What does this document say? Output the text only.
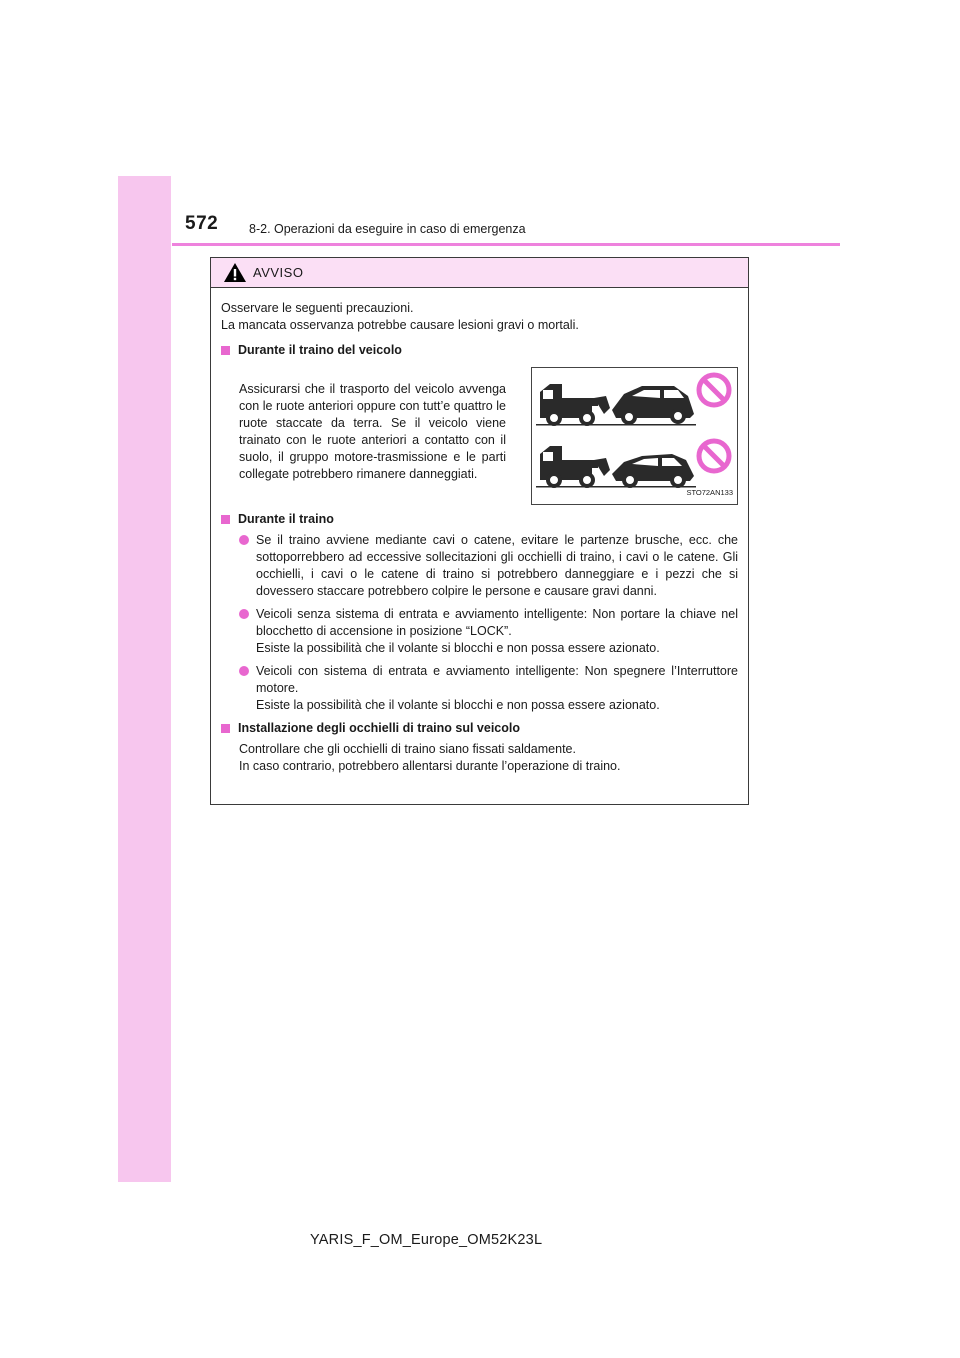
572 8-2. Operazioni da eseguire in caso di emergenza
AVVISO

Osservare le seguenti precauzioni.
La mancata osservanza potrebbe causare lesioni gravi o mortali.

Durante il traino del veicolo

Assicurarsi che il trasporto del veicolo avvenga con le ruote anteriori oppure con tutt’e quattro le ruote staccate da terra. Se il veicolo viene trainato con le ruote anteriori a contatto con il suolo, il gruppo motore-trasmissione e le parti collegate potrebbero rimanere danneggiati.
STO72AN133

Durante il traino

Se il traino avviene mediante cavi o catene, evitare le partenze brusche, ecc. che sottoporrebbero ad eccessive sollecitazioni gli occhielli di traino, i cavi o le catene. Gli occhielli, i cavi o le catene di traino si potrebbero danneggiare e i pezzi che si dovessero staccare potrebbero colpire le persone e causare gravi danni.

Veicoli senza sistema di entrata e avviamento intelligente: Non portare la chiave nel blocchetto di accensione in posizione “LOCK”.

Esiste la possibilità che il volante si blocchi e non possa essere azionato.

Veicoli con sistema di entrata e avviamento intelligente: Non spegnere l’Interruttore motore.

Esiste la possibilità che il volante si blocchi e non possa essere azionato.

Installazione degli occhielli di traino sul veicolo

Controllare che gli occhielli di traino siano fissati saldamente.

In caso contrario, potrebbero allentarsi durante l’operazione di traino.

YARIS_F_OM_Europe_OM52K23L
